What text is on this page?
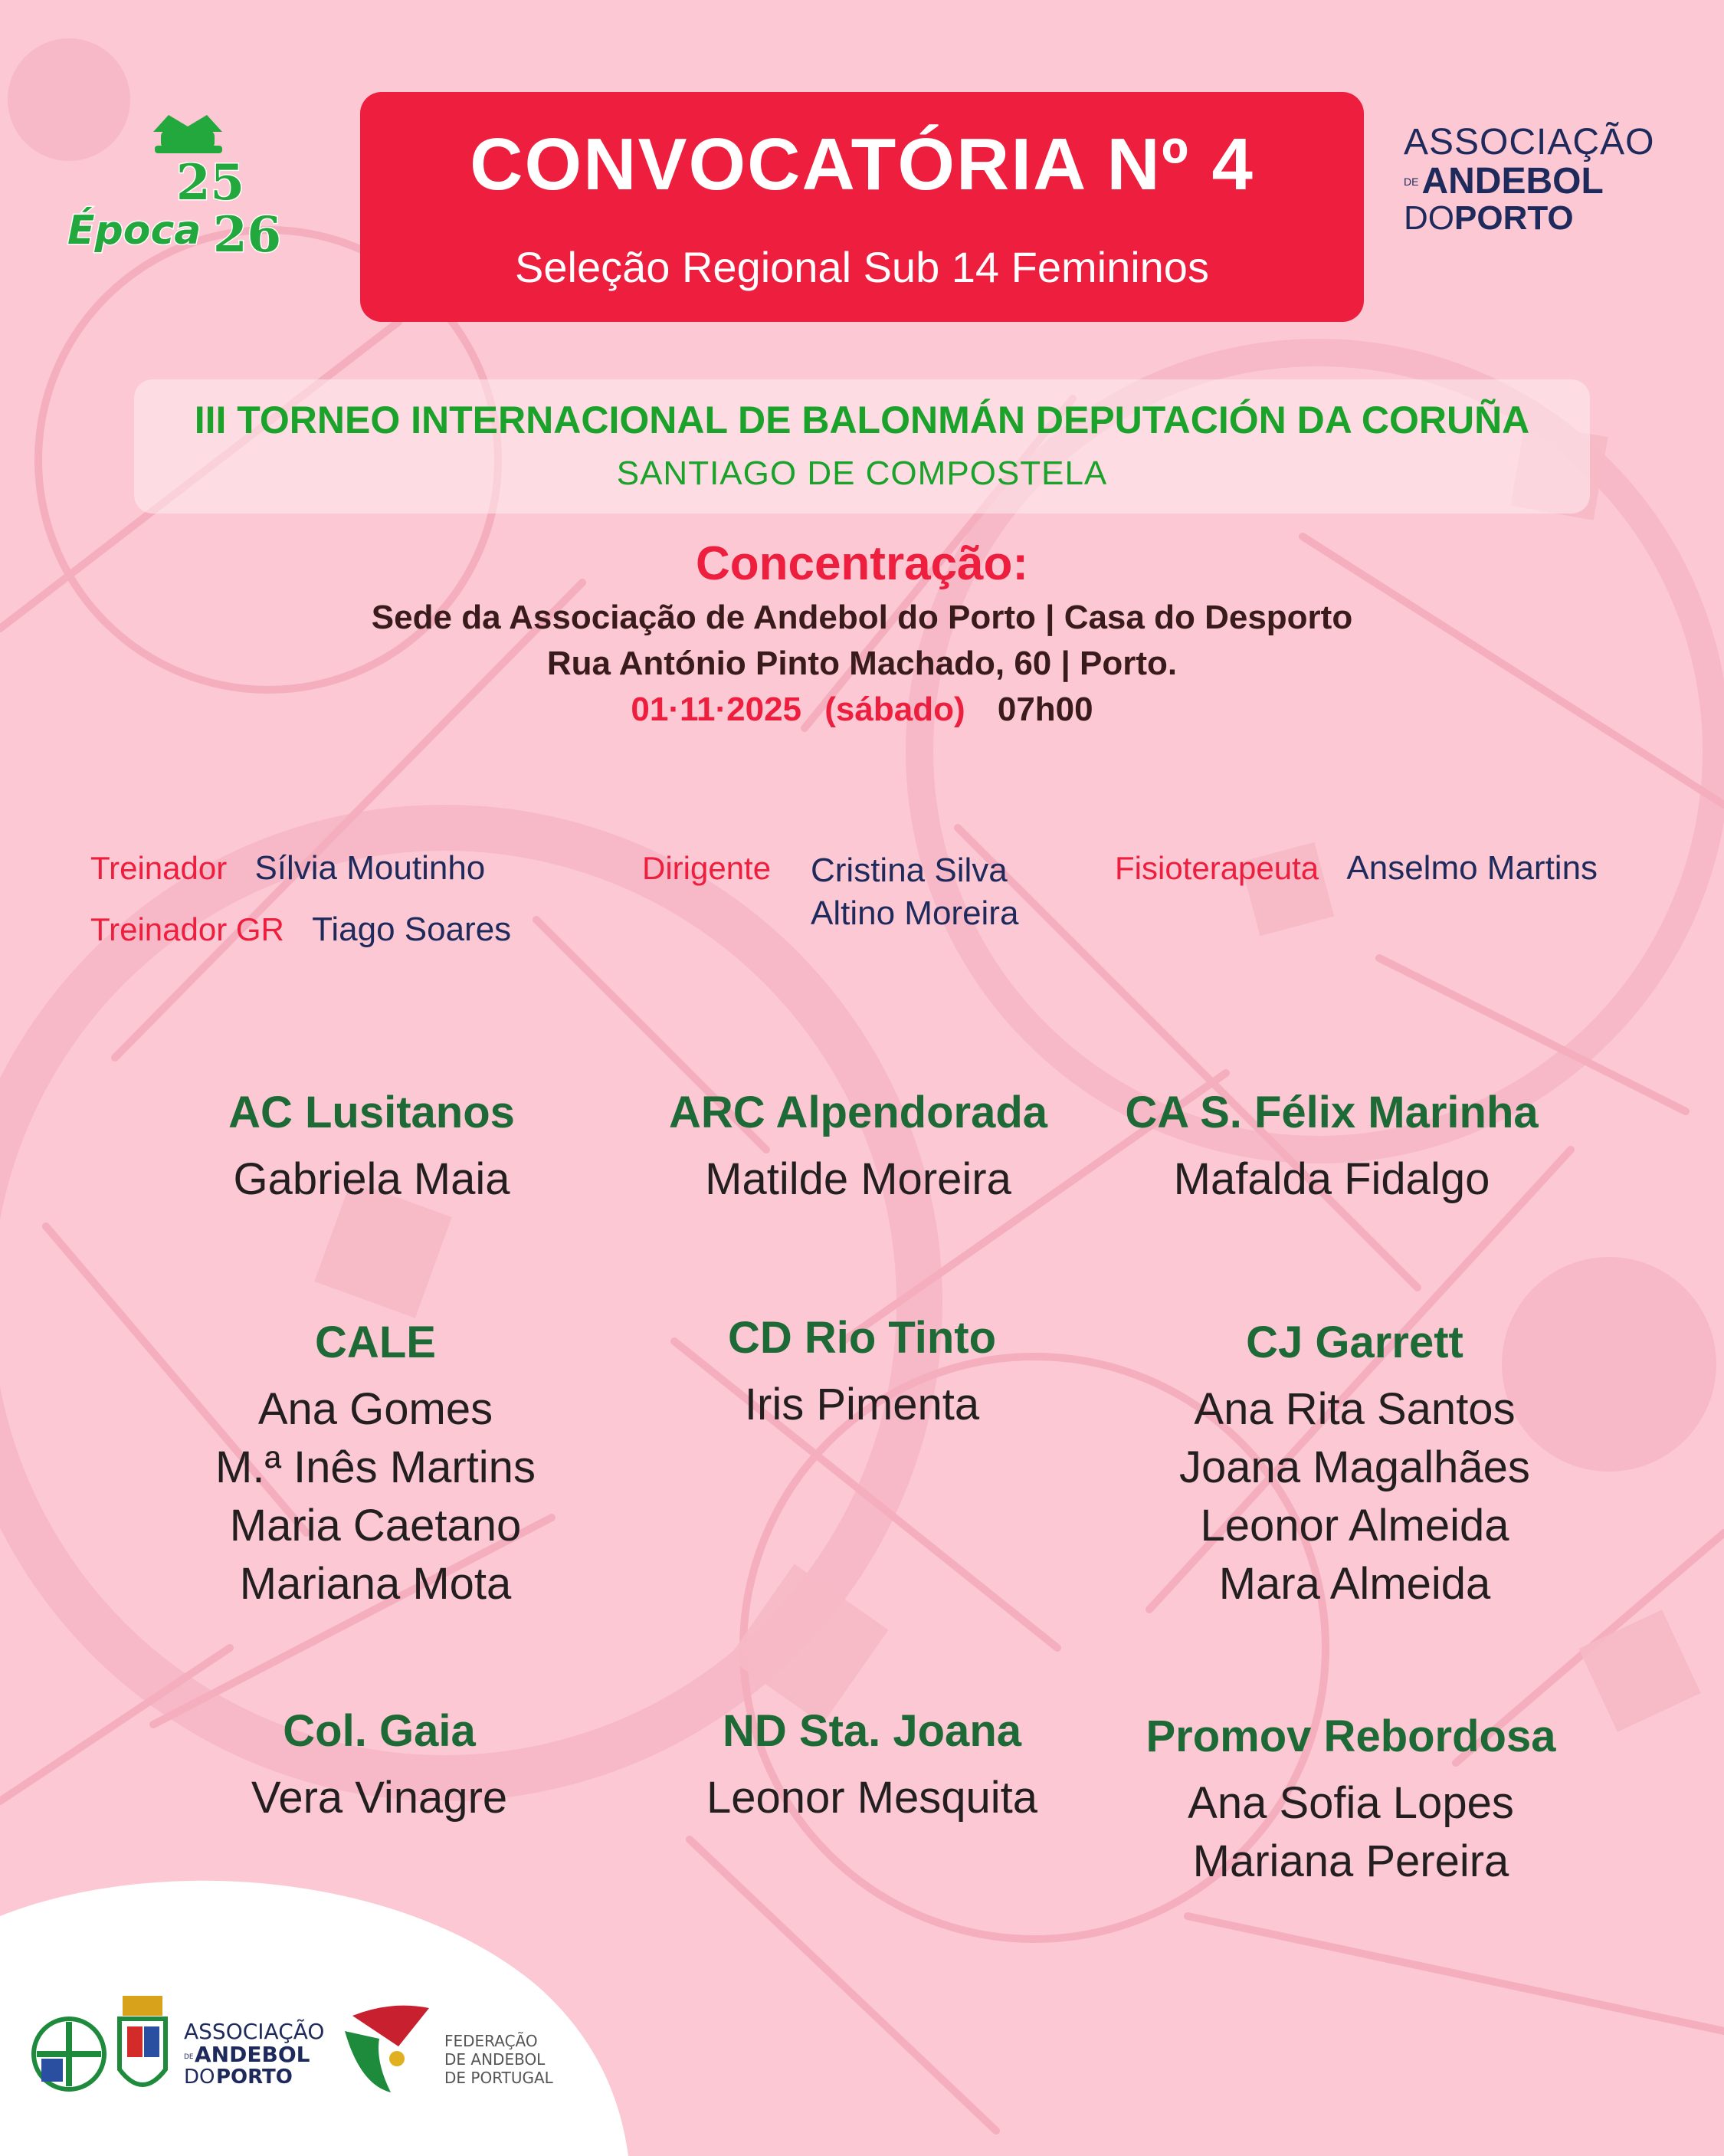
25
Época 26
CONVOCATÓRIA Nº 4
Seleção Regional Sub 14 Femininos
ASSOCIAÇÃO
DE ANDEBOL
DOPORTO
III TORNEO INTERNACIONAL DE BALONMÁN DEPUTACIÓN DA CORUÑA
SANTIAGO DE COMPOSTELA
Concentração:
Sede da Associação de Andebol do Porto | Casa do Desporto
Rua António Pinto Machado, 60 | Porto.
01·11·2025 (sábado) 07h00
Treinador Sílvia Moutinho
Treinador GR Tiago Soares
Dirigente Cristina Silva
Altino Moreira
Fisioterapeuta Anselmo Martins
AC Lusitanos
Gabriela Maia
ARC Alpendorada
Matilde Moreira
CA S. Félix Marinha
Mafalda Fidalgo
CALE
Ana Gomes
M.ª Inês Martins
Maria Caetano
Mariana Mota
CD Rio Tinto
Iris Pimenta
CJ Garrett
Ana Rita Santos
Joana Magalhães
Leonor Almeida
Mara Almeida
Col. Gaia
Vera Vinagre
ND Sta. Joana
Leonor Mesquita
Promov Rebordosa
Ana Sofia Lopes
Mariana Pereira
ASSOCIAÇÃO
DE ANDEBOL
DO PORTO
FEDERAÇÃO
DE ANDEBOL
DE PORTUGAL
